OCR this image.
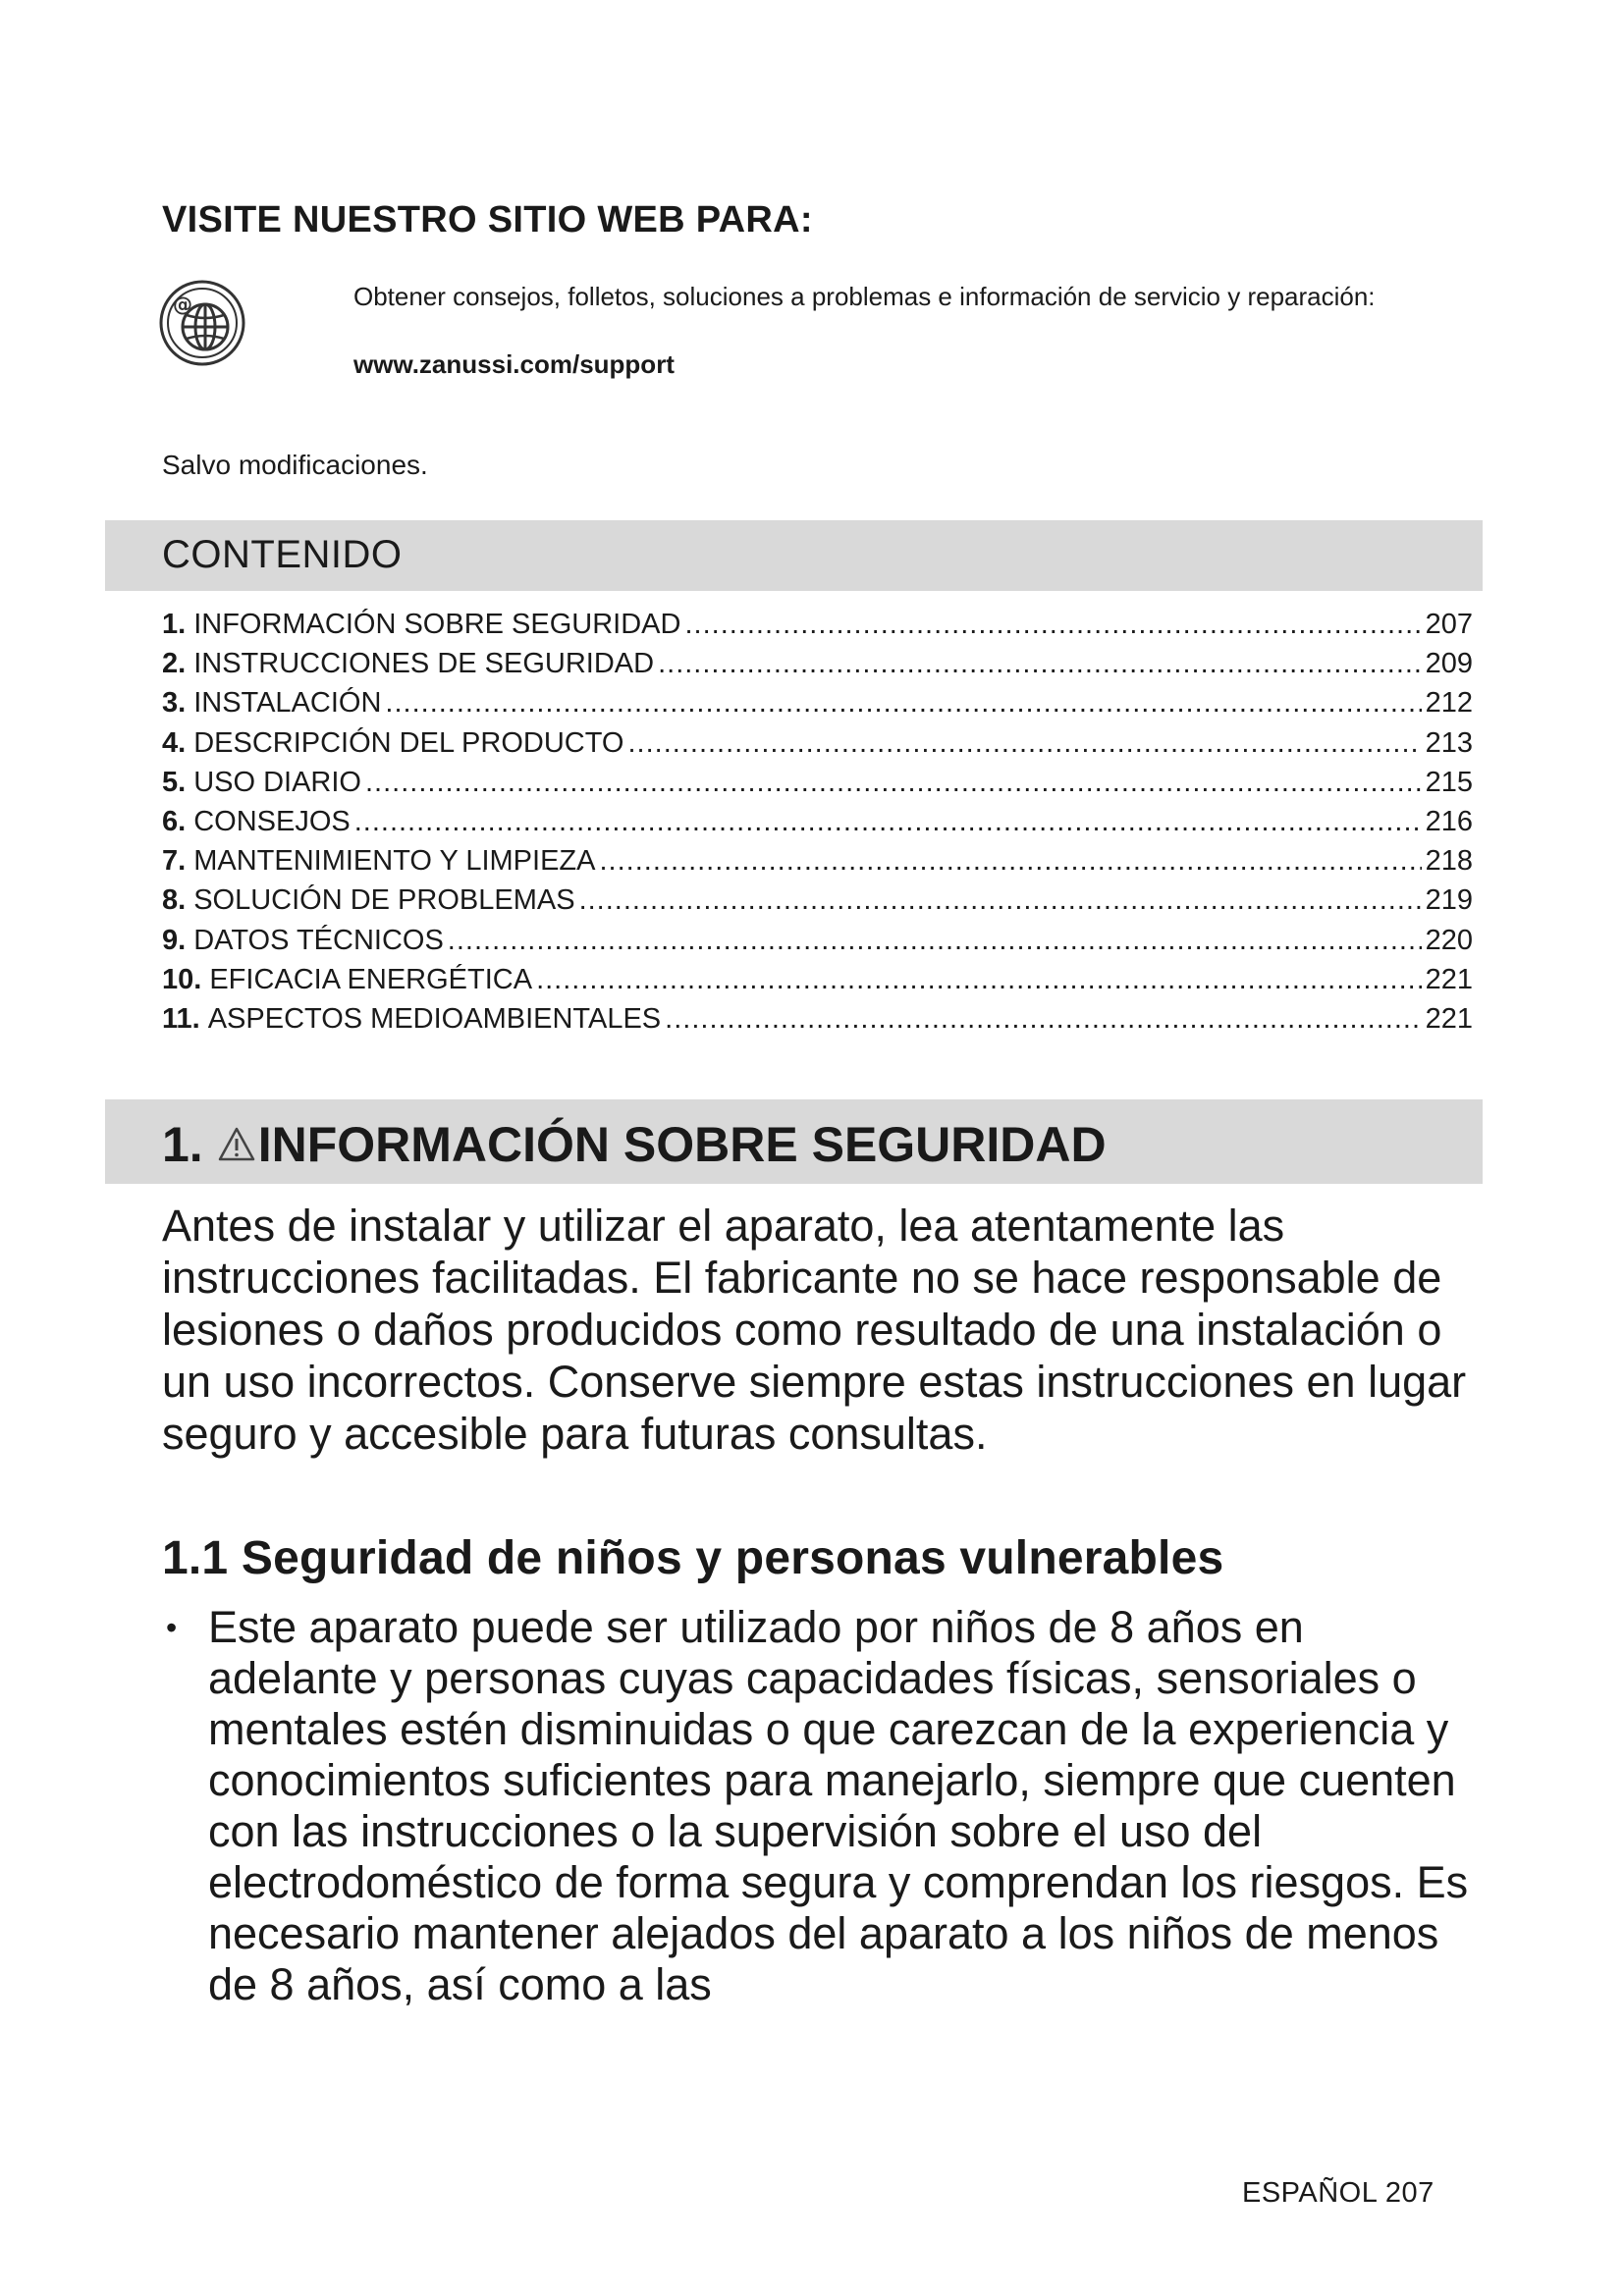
VISITE NUESTRO SITIO WEB PARA:
@	Obtener consejos, folletos, soluciones a problemas e información de servicio y reparación:

www.zanussi.com/support

Salvo modificaciones.

CONTENIDO
1. INFORMACIÓN SOBRE SEGURIDAD .....	207
2. INSTRUCCIONES DE SEGURIDAD .....	209
3. INSTALACIÓN .....	212
4. DESCRIPCIÓN DEL PRODUCTO .....	213
5. USO DIARIO .....	215
6. CONSEJOS .....	216
7. MANTENIMIENTO Y LIMPIEZA .....	218
8. SOLUCIÓN DE PROBLEMAS .....	219
9. DATOS TÉCNICOS .....	220
10. EFICACIA ENERGÉTICA .....	221
11. ASPECTOS MEDIOAMBIENTALES .....	221
1. INFORMACIÓN SOBRE SEGURIDAD

Antes de instalar y utilizar el aparato, lea atentamente las instrucciones facilitadas. El fabricante no se hace responsable de lesiones o daños producidos como resultado de una instalación o un uso incorrectos. Conserve siempre estas instrucciones en lugar seguro y accesible para futuras consultas.

1.1 Seguridad de niños y personas vulnerables
• Este aparato puede ser utilizado por niños de 8 años en adelante y personas cuyas capacidades físicas, sensoriales o mentales estén disminuidas o que carezcan de la experiencia y conocimientos suficientes para manejarlo, siempre que cuenten con las instrucciones o la supervisión sobre el uso del electrodoméstico de forma segura y comprendan los riesgos. Es necesario mantener alejados del aparato a los niños de menos de 8 años, así como a las

ESPAÑOL 207
